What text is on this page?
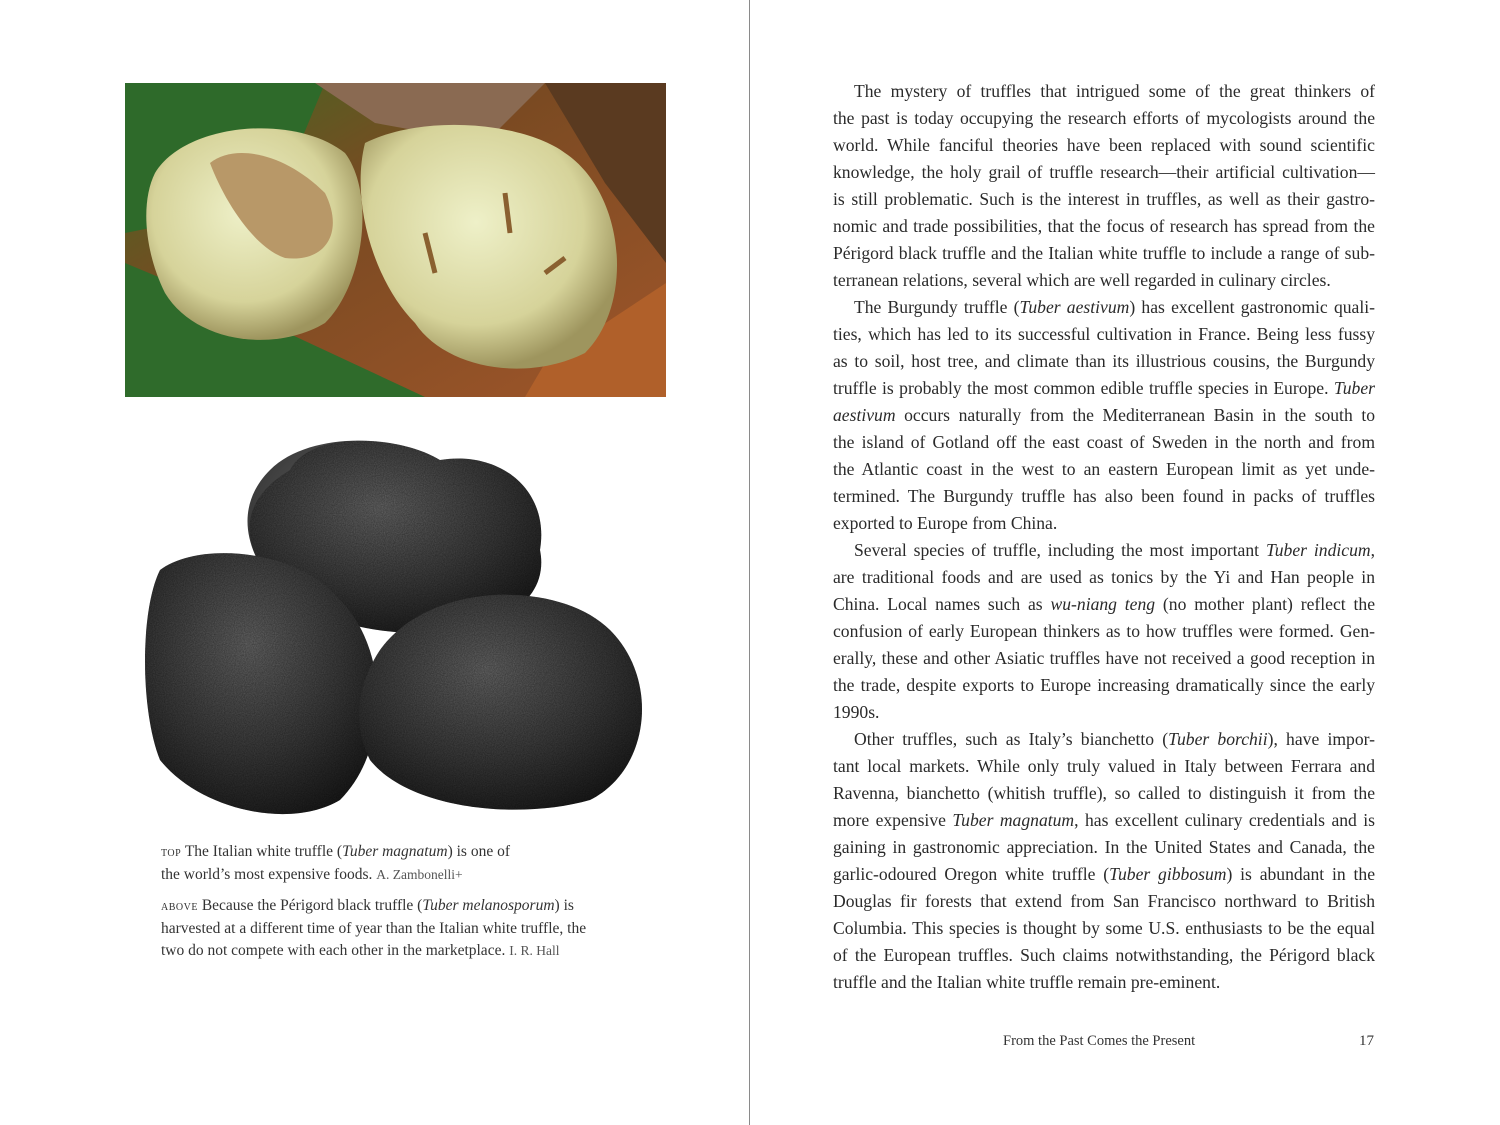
top The Italian white truffle (Tuber magnatum) is one of
the world’s most expensive foods. A. Zambonelli+
above Because the Périgord black truffle (Tuber melanosporum) is
harvested at a different time of year than the Italian white truffle, the
two do not compete with each other in the marketplace. I. R. Hall
The mystery of truffles that intrigued some of the great thinkers of
the past is today occupying the research efforts of mycologists around the
world. While fanciful theories have been replaced with sound scientific
knowledge, the holy grail of truffle research—their artificial cultivation—
is still problematic. Such is the interest in truffles, as well as their gastro-
nomic and trade possibilities, that the focus of research has spread from the
Périgord black truffle and the Italian white truffle to include a range of sub-
terranean relations, several which are well regarded in culinary circles.
The Burgundy truffle (Tuber aestivum) has excellent gastronomic quali-
ties, which has led to its successful cultivation in France. Being less fussy
as to soil, host tree, and climate than its illustrious cousins, the Burgundy
truffle is probably the most common edible truffle species in Europe. Tuber
aestivum occurs naturally from the Mediterranean Basin in the south to
the island of Gotland off the east coast of Sweden in the north and from
the Atlantic coast in the west to an eastern European limit as yet unde-
termined. The Burgundy truffle has also been found in packs of truffles
exported to Europe from China.
Several species of truffle, including the most important Tuber indicum,
are traditional foods and are used as tonics by the Yi and Han people in
China. Local names such as wu-niang teng (no mother plant) reflect the
confusion of early European thinkers as to how truffles were formed. Gen-
erally, these and other Asiatic truffles have not received a good reception in
the trade, despite exports to Europe increasing dramatically since the early
1990s.
Other truffles, such as Italy’s bianchetto (Tuber borchii), have impor-
tant local markets. While only truly valued in Italy between Ferrara and
Ravenna, bianchetto (whitish truffle), so called to distinguish it from the
more expensive Tuber magnatum, has excellent culinary credentials and is
gaining in gastronomic appreciation. In the United States and Canada, the
garlic-odoured Oregon white truffle (Tuber gibbosum) is abundant in the
Douglas fir forests that extend from San Francisco northward to British
Columbia. This species is thought by some U.S. enthusiasts to be the equal
of the European truffles. Such claims notwithstanding, the Périgord black
truffle and the Italian white truffle remain pre-eminent.
From the Past Comes the Present	17
